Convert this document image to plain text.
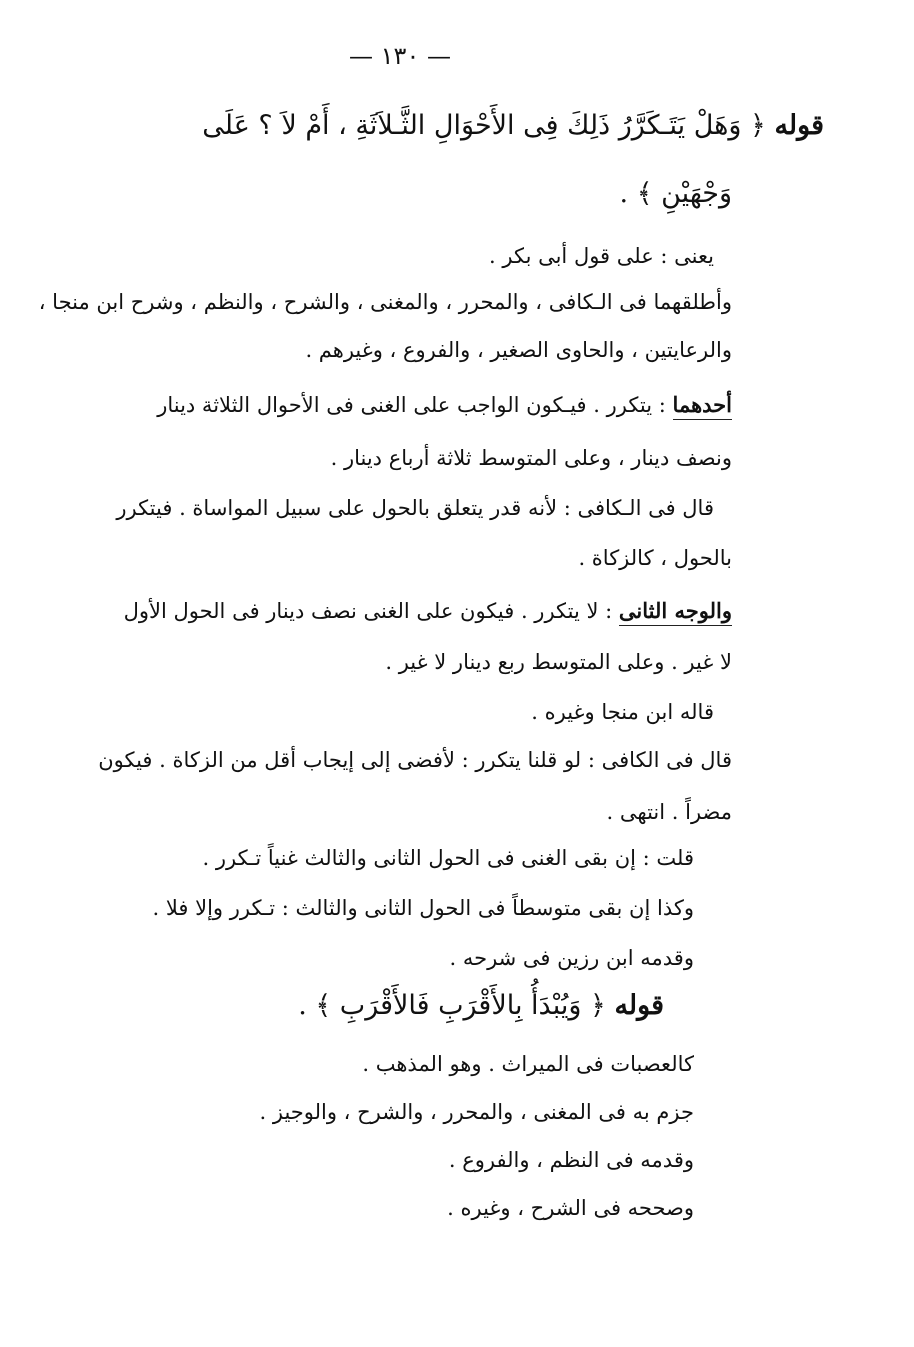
— ١٣٠ —
قوله ﴿ وَهَلْ يَتَـكَرَّرُ ذَلِكَ فِى الأَحْوَالِ الثَّـلاَثَةِ ، أَمْ لاَ ؟ عَلَى
وَجْهَيْنِ ﴾ .
يعنى : على قول أبى بكر .
وأطلقهما فى الـكافى ، والمحرر ، والمغنى ، والشرح ، والنظم ، وشرح ابن منجا ،
والرعايتين ، والحاوى الصغير ، والفروع ، وغيرهم .
أحدهما : يتكرر . فيـكون الواجب على الغنى فى الأحوال الثلاثة دينار
ونصف دينار ، وعلى المتوسط ثلاثة أرباع دينار .
قال فى الـكافى : لأنه قدر يتعلق بالحول على سبيل المواساة . فيتكرر
بالحول ، كالزكاة .
والوجه الثانى : لا يتكرر . فيكون على الغنى نصف دينار فى الحول الأول
لا غير . وعلى المتوسط ربع دينار لا غير .
قاله ابن منجا وغيره .
قال فى الكافى : لو قلنا يتكرر : لأفضى إلى إيجاب أقل من الزكاة . فيكون
مضراً . انتهى .
قلت : إن بقى الغنى فى الحول الثانى والثالث غنياً تـكرر .
وكذا إن بقى متوسطاً فى الحول الثانى والثالث : تـكرر وإلا فلا .
وقدمه ابن رزين فى شرحه .
قوله ﴿ وَيُبْدَأُ بِالأَقْرَبِ فَالأَقْرَبِ ﴾ .
كالعصبات فى الميراث . وهو المذهب .
جزم به فى المغنى ، والمحرر ، والشرح ، والوجيز .
وقدمه فى النظم ، والفروع .
وصححه فى الشرح ، وغيره .
